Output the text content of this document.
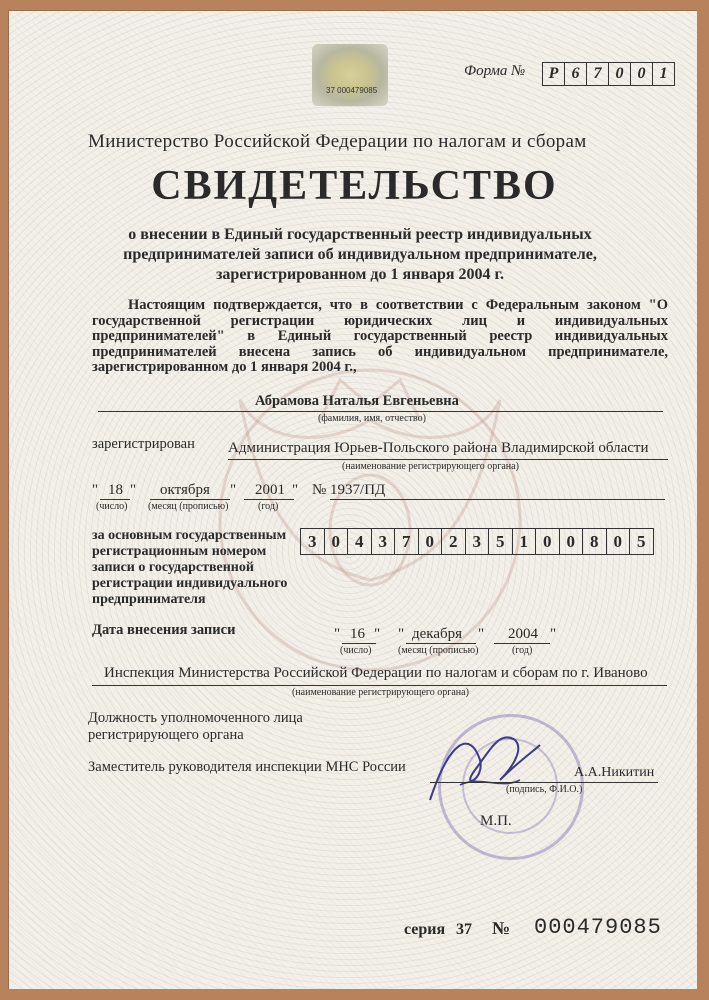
37 000479085
Форма №	Р 6 7 0 0 1
Министерство Российской Федерации по налогам и сборам
СВИДЕТЕЛЬСТВО
о внесении в Единый государственный реестр индивидуальных предпринимателей записи об индивидуальном предпринимателе, зарегистрированном до 1 января 2004 г.
Настоящим подтверждается, что в соответствии с Федеральным законом "О государственной регистрации юридических лиц и индивидуальных предпринимателей" в Единый государственный реестр индивидуальных предпринимателей внесена запись об индивидуальном предпринимателе, зарегистрированном до 1 января 2004 г.,
Абрамова Наталья Евгеньевна
(фамилия, имя, отчество)
зарегистрирован Администрация Юрьев-Польского района Владимирской области
(наименование регистрирующего органа)
" 18 "
(число)
октября
(месяц (прописью)
" 2001 "
(год)
№ 1937/ПД
за основным государственным
регистрационным номером
записи о государственной
регистрации индивидуального
предпринимателя
3 0 4 3 7 0 2 3 5 1 0 0 8 0 5
Дата внесения записи	" 16 "
(число)
" декабря
(месяц (прописью)
" 2004 "
(год)
Инспекция Министерства Российской Федерации по налогам и сборам по г. Иваново
(наименование регистрирующего органа)
Должность уполномоченного лица
регистрирующего органа
Заместитель руководителя инспекции МНС России	А.А.Никитин
(подпись, Ф.И.О.)
М.П.
серия 37 № 000479085
